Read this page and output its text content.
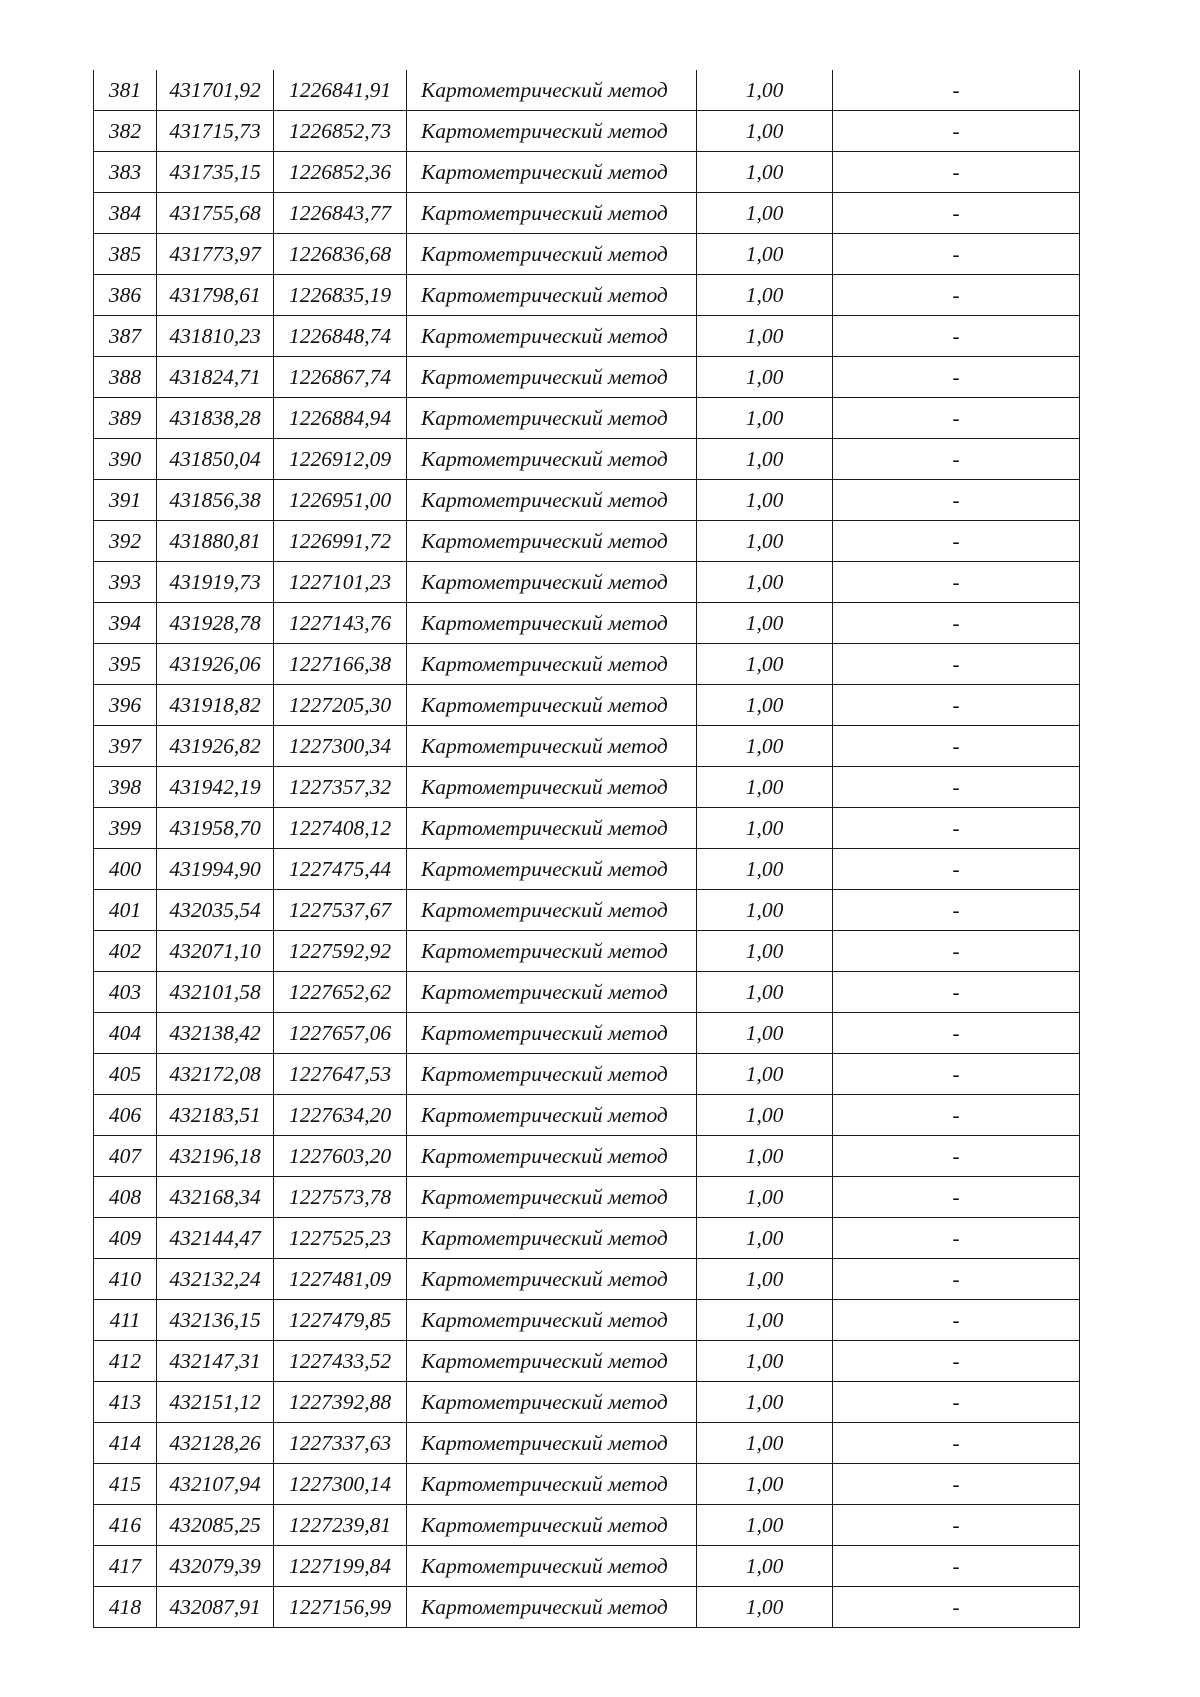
381	431701,92	1226841,91	Картометрический метод	1,00	-
382	431715,73	1226852,73	Картометрический метод	1,00	-
383	431735,15	1226852,36	Картометрический метод	1,00	-
384	431755,68	1226843,77	Картометрический метод	1,00	-
385	431773,97	1226836,68	Картометрический метод	1,00	-
386	431798,61	1226835,19	Картометрический метод	1,00	-
387	431810,23	1226848,74	Картометрический метод	1,00	-
388	431824,71	1226867,74	Картометрический метод	1,00	-
389	431838,28	1226884,94	Картометрический метод	1,00	-
390	431850,04	1226912,09	Картометрический метод	1,00	-
391	431856,38	1226951,00	Картометрический метод	1,00	-
392	431880,81	1226991,72	Картометрический метод	1,00	-
393	431919,73	1227101,23	Картометрический метод	1,00	-
394	431928,78	1227143,76	Картометрический метод	1,00	-
395	431926,06	1227166,38	Картометрический метод	1,00	-
396	431918,82	1227205,30	Картометрический метод	1,00	-
397	431926,82	1227300,34	Картометрический метод	1,00	-
398	431942,19	1227357,32	Картометрический метод	1,00	-
399	431958,70	1227408,12	Картометрический метод	1,00	-
400	431994,90	1227475,44	Картометрический метод	1,00	-
401	432035,54	1227537,67	Картометрический метод	1,00	-
402	432071,10	1227592,92	Картометрический метод	1,00	-
403	432101,58	1227652,62	Картометрический метод	1,00	-
404	432138,42	1227657,06	Картометрический метод	1,00	-
405	432172,08	1227647,53	Картометрический метод	1,00	-
406	432183,51	1227634,20	Картометрический метод	1,00	-
407	432196,18	1227603,20	Картометрический метод	1,00	-
408	432168,34	1227573,78	Картометрический метод	1,00	-
409	432144,47	1227525,23	Картометрический метод	1,00	-
410	432132,24	1227481,09	Картометрический метод	1,00	-
411	432136,15	1227479,85	Картометрический метод	1,00	-
412	432147,31	1227433,52	Картометрический метод	1,00	-
413	432151,12	1227392,88	Картометрический метод	1,00	-
414	432128,26	1227337,63	Картометрический метод	1,00	-
415	432107,94	1227300,14	Картометрический метод	1,00	-
416	432085,25	1227239,81	Картометрический метод	1,00	-
417	432079,39	1227199,84	Картометрический метод	1,00	-
418	432087,91	1227156,99	Картометрический метод	1,00	-
